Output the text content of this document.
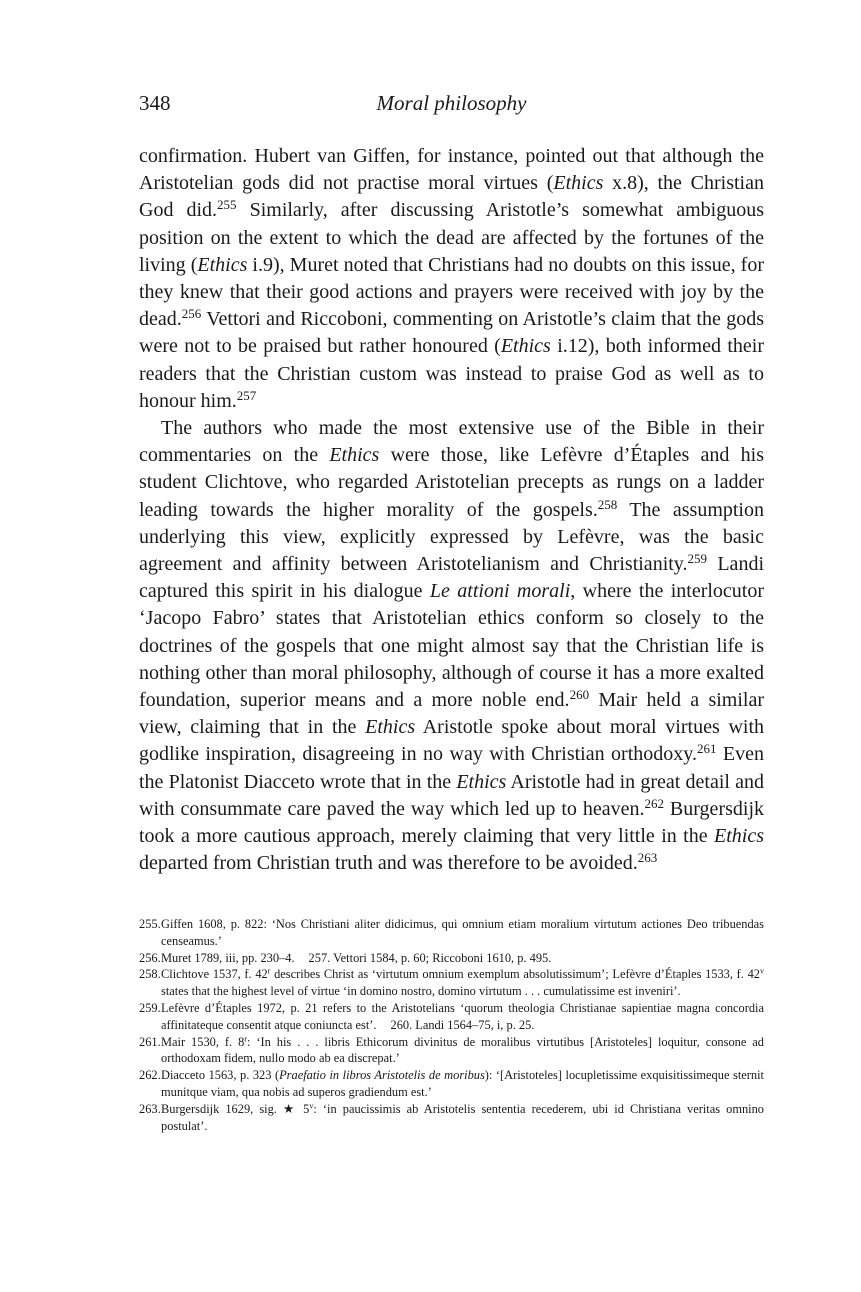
348	Moral philosophy

confirmation. Hubert van Giffen, for instance, pointed out that although the Aristotelian gods did not practise moral virtues (Ethics x.8), the Christian God did.$^{255}$ Similarly, after discussing Aristotle’s somewhat ambiguous position on the extent to which the dead are affected by the fortunes of the living (Ethics i.9), Muret noted that Christians had no doubts on this issue, for they knew that their good actions and prayers were received with joy by the dead.$^{256}$ Vettori and Riccoboni, commenting on Aristotle’s claim that the gods were not to be praised but rather honoured (Ethics i.12), both informed their readers that the Christian custom was instead to praise God as well as to honour him.$^{257}$

The authors who made the most extensive use of the Bible in their commentaries on the Ethics were those, like Lefèvre d’Étaples and his student Clichtove, who regarded Aristotelian precepts as rungs on a ladder leading towards the higher morality of the gospels.$^{258}$ The assumption underlying this view, explicitly expressed by Lefèvre, was the basic agreement and affinity between Aristotelianism and Christianity.$^{259}$ Landi captured this spirit in his dialogue Le attioni morali, where the interlocutor ‘Jacopo Fabro’ states that Aristotelian ethics conform so closely to the doctrines of the gospels that one might almost say that the Christian life is nothing other than moral philosophy, although of course it has a more exalted foundation, superior means and a more noble end.$^{260}$ Mair held a similar view, claiming that in the Ethics Aristotle spoke about moral virtues with godlike inspiration, disagreeing in no way with Christian orthodoxy.$^{261}$ Even the Platonist Diacceto wrote that in the Ethics Aristotle had in great detail and with consummate care paved the way which led up to heaven.$^{262}$ Burgersdijk took a more cautious approach, merely claiming that very little in the Ethics departed from Christian truth and was therefore to be avoided.$^{263}$

255. Giffen 1608, p. 822: ‘Nos Christiani aliter didicimus, qui omnium etiam moralium virtutum actiones Deo tribuendas censeamus.’

256. Muret 1789, iii, pp. 230–4. 257. Vettori 1584, p. 60; Riccoboni 1610, p. 495.

258. Clichtove 1537, f. 42$^r$ describes Christ as ‘virtutum omnium exemplum absolutissimum’; Lefèvre d’Étaples 1533, f. 42$^v$ states that the highest level of virtue ‘in domino nostro, domino virtutum . . . cumulatissime est inveniri’.

259. Lefèvre d’Étaples 1972, p. 21 refers to the Aristotelians ‘quorum theologia Christianae sapientiae magna concordia affinitateque consentit atque coniuncta est’. 260. Landi 1564–75, i, p. 25.

261. Mair 1530, f. 8$^r$: ‘In his . . . libris Ethicorum divinitus de moralibus virtutibus [Aristoteles] loquitur, consone ad orthodoxam fidem, nullo modo ab ea discrepat.’

262. Diacceto 1563, p. 323 (Praefatio in libros Aristotelis de moribus): ‘[Aristoteles] locupletissime exquisitissimeque sternit munitque viam, qua nobis ad superos gradiendum est.’

263. Burgersdijk 1629, sig. ★ 5$^v$: ‘in paucissimis ab Aristotelis sententia recederem, ubi id Christiana veritas omnino postulat’.
